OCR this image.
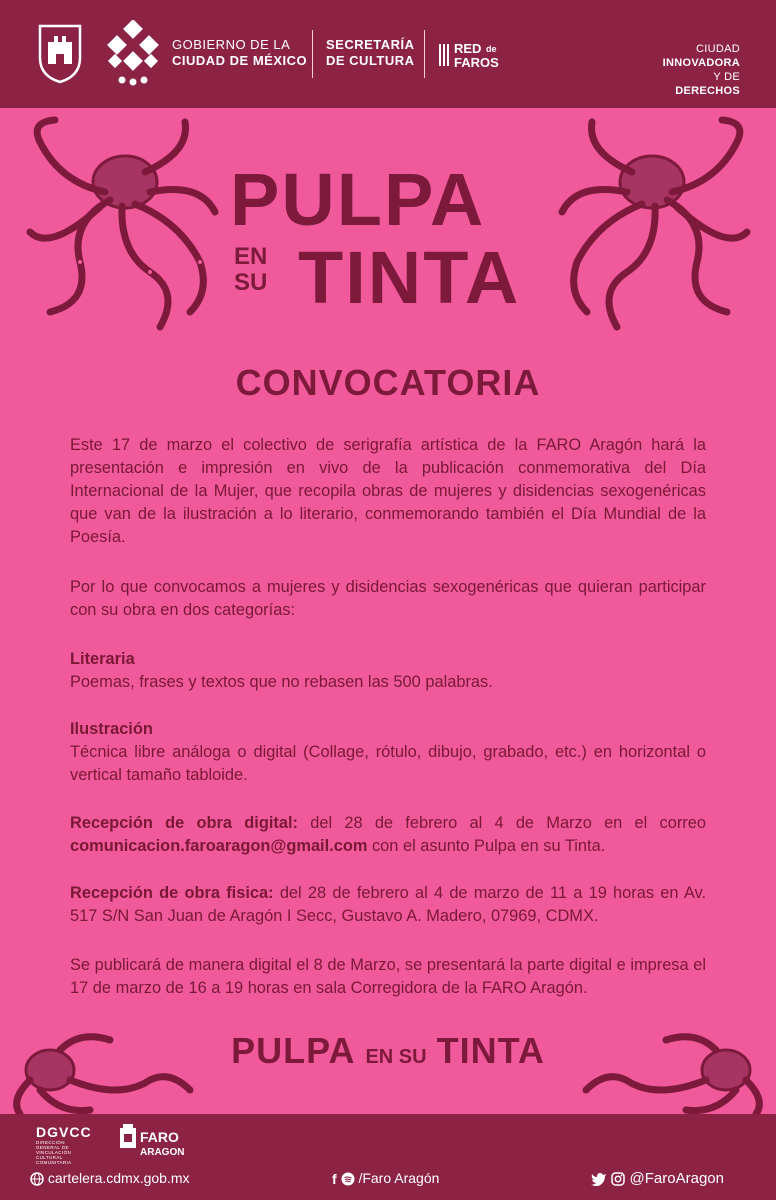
GOBIERNO DE LA
CIUDAD DE MÉXICO
SECRETARÍA
DE CULTURA
RED de
FAROS
CIUDAD
INNOVADORA
Y DE
DERECHOS
PULPA
EN
SU TINTA
CONVOCATORIA

Este 17 de marzo el colectivo de serigrafía artística de la FARO Aragón hará la presentación e impresión en vivo de la publicación conmemorativa del Día Internacional de la Mujer, que recopila obras de mujeres y disidencias sexogenéricas que van de la ilustración a lo literario, conmemorando también el Día Mundial de la Poesía.

Por lo que convocamos a mujeres y disidencias sexogenéricas que quieran participar con su obra en dos categorías:

Literaria
Poemas, frases y textos que no rebasen las 500 palabras.
Ilustración
Técnica libre análoga o digital (Collage, rótulo, dibujo, grabado, etc.) en horizontal o vertical tamaño tabloide.

Recepción de obra digital: del 28 de febrero al 4 de Marzo en el correo comunicacion.faroaragon@gmail.com con el asunto Pulpa en su Tinta.

Recepción de obra fisica: del 28 de febrero al 4 de marzo de 11 a 19 horas en Av. 517 S/N San Juan de Aragón I Secc, Gustavo A. Madero, 07969, CDMX.

Se publicará de manera digital el 8 de Marzo, se presentará la parte digital e impresa el 17 de marzo de 16 a 19 horas en sala Corregidora de la FARO Aragón.

PULPA EN SU TINTA
DGVCC
DIRECCIÓN GENERAL DE VINCULACIÓN CULTURAL COMUNITARIA
FARO
ARAGON
cartelera.cdmx.gob.mx	f /Faro Aragón	@FaroAragon
